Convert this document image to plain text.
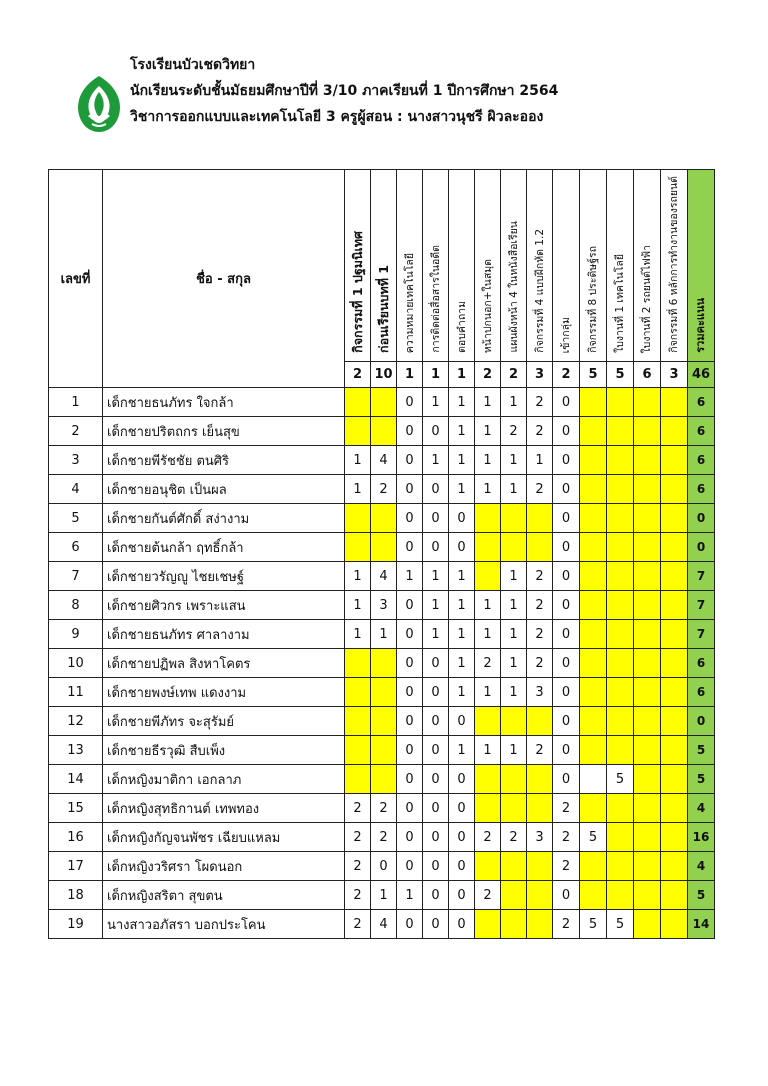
โรงเรียนบัวเชดวิทยา
นักเรียนระดับชั้นมัธยมศึกษาปีที่ 3/10 ภาคเรียนที่ 1 ปีการศึกษา 2564
วิชาการออกแบบและเทคโนโลยี 3 ครูผู้สอน : นางสาวนุชรี ผิวละออง
เลขที่	ชื่อ - สกุล	กิจกรรมที่ 1 ปฐมนิเทศ	ก่อนเรียนบทที่ 1	ความหมายเทคโนโลยี	การติดต่อสื่อสารในอดีต	ตอบคำถาม	หน้าปกนอก+ในสมุด	แผนผังหน้า 4 ในหนังสือเรียน	กิจกรรมที่ 4 แบบฝึกหัด 1.2	เข้ากลุ่ม	กิจกรรมที่ 8 ประดิษฐ์รถ	ใบงานที่ 1 เทคโนโลยี	ใบงานที่ 2 รถยนต์ไฟฟ้า	กิจกรรมที่ 6 หลักการทำงานของรถยนต์	รวมคะแนน
		2	10	1	1	1	2	2	3	2	5	5	6	3	46
1	เด็กชายธนภัทร ใจกล้า			0	1	1	1	1	2	0					6
2	เด็กชายปริตถกร เย็นสุข			0	0	1	1	2	2	0					6
3	เด็กชายพีรัชชัย ตนศิริ	1	4	0	1	1	1	1	1	0					6
4	เด็กชายอนุชิต เป็นผล	1	2	0	0	1	1	1	2	0					6
5	เด็กชายกันต์ศักดิ์ สง่างาม			0	0	0				0					0
6	เด็กชายต้นกล้า ฤทธิ์กล้า			0	0	0				0					0
7	เด็กชายวรัญญู ไชยเชษฐ์	1	4	1	1	1		1	2	0					7
8	เด็กชายศิวกร เพราะแสน	1	3	0	1	1	1	1	2	0					7
9	เด็กชายธนภัทร ศาลางาม	1	1	0	1	1	1	1	2	0					7
10	เด็กชายปฏิพล สิงหาโคตร			0	0	1	2	1	2	0					6
11	เด็กชายพงษ์เทพ แดงงาม			0	0	1	1	1	3	0					6
12	เด็กชายพีภัทร จะสุรัมย์			0	0	0				0					0
13	เด็กชายธีรวุฒิ สืบเพ็ง			0	0	1	1	1	2	0					5
14	เด็กหญิงมาติกา เอกลาภ			0	0	0				0		5			5
15	เด็กหญิงสุทธิกานต์ เทพทอง	2	2	0	0	0				2					4
16	เด็กหญิงกัญจนพัชร เฉียบแหลม	2	2	0	0	0	2	2	3	2	5				16
17	เด็กหญิงวริศรา โผดนอก	2	0	0	0	0				2					4
18	เด็กหญิงสริตา สุขตน	2	1	1	0	0	2			0					5
19	นางสาวอภัสรา บอกประโคน	2	4	0	0	0				2	5	5			14
